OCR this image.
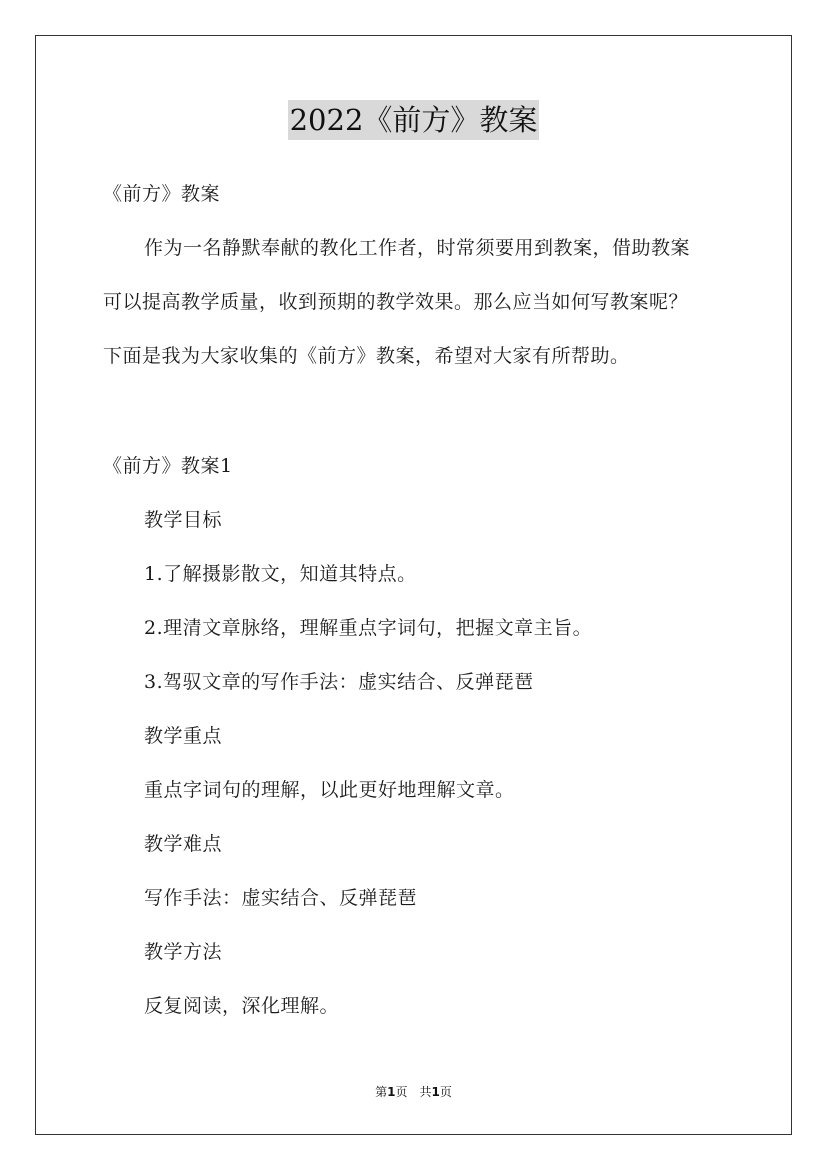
2022《前方》教案
《前方》教案
作为一名静默奉献的教化工作者，时常须要用到教案，借助教案
可以提高教学质量，收到预期的教学效果。那么应当如何写教案呢？
下面是我为大家收集的《前方》教案，希望对大家有所帮助。
《前方》教案1
教学目标
1.了解摄影散文，知道其特点。
2.理清文章脉络，理解重点字词句，把握文章主旨。
3.驾驭文章的写作手法：虚实结合、反弹琵琶
教学重点
重点字词句的理解，以此更好地理解文章。
教学难点
写作手法：虚实结合、反弹琵琶
教学方法
反复阅读，深化理解。
第1页 共1页
